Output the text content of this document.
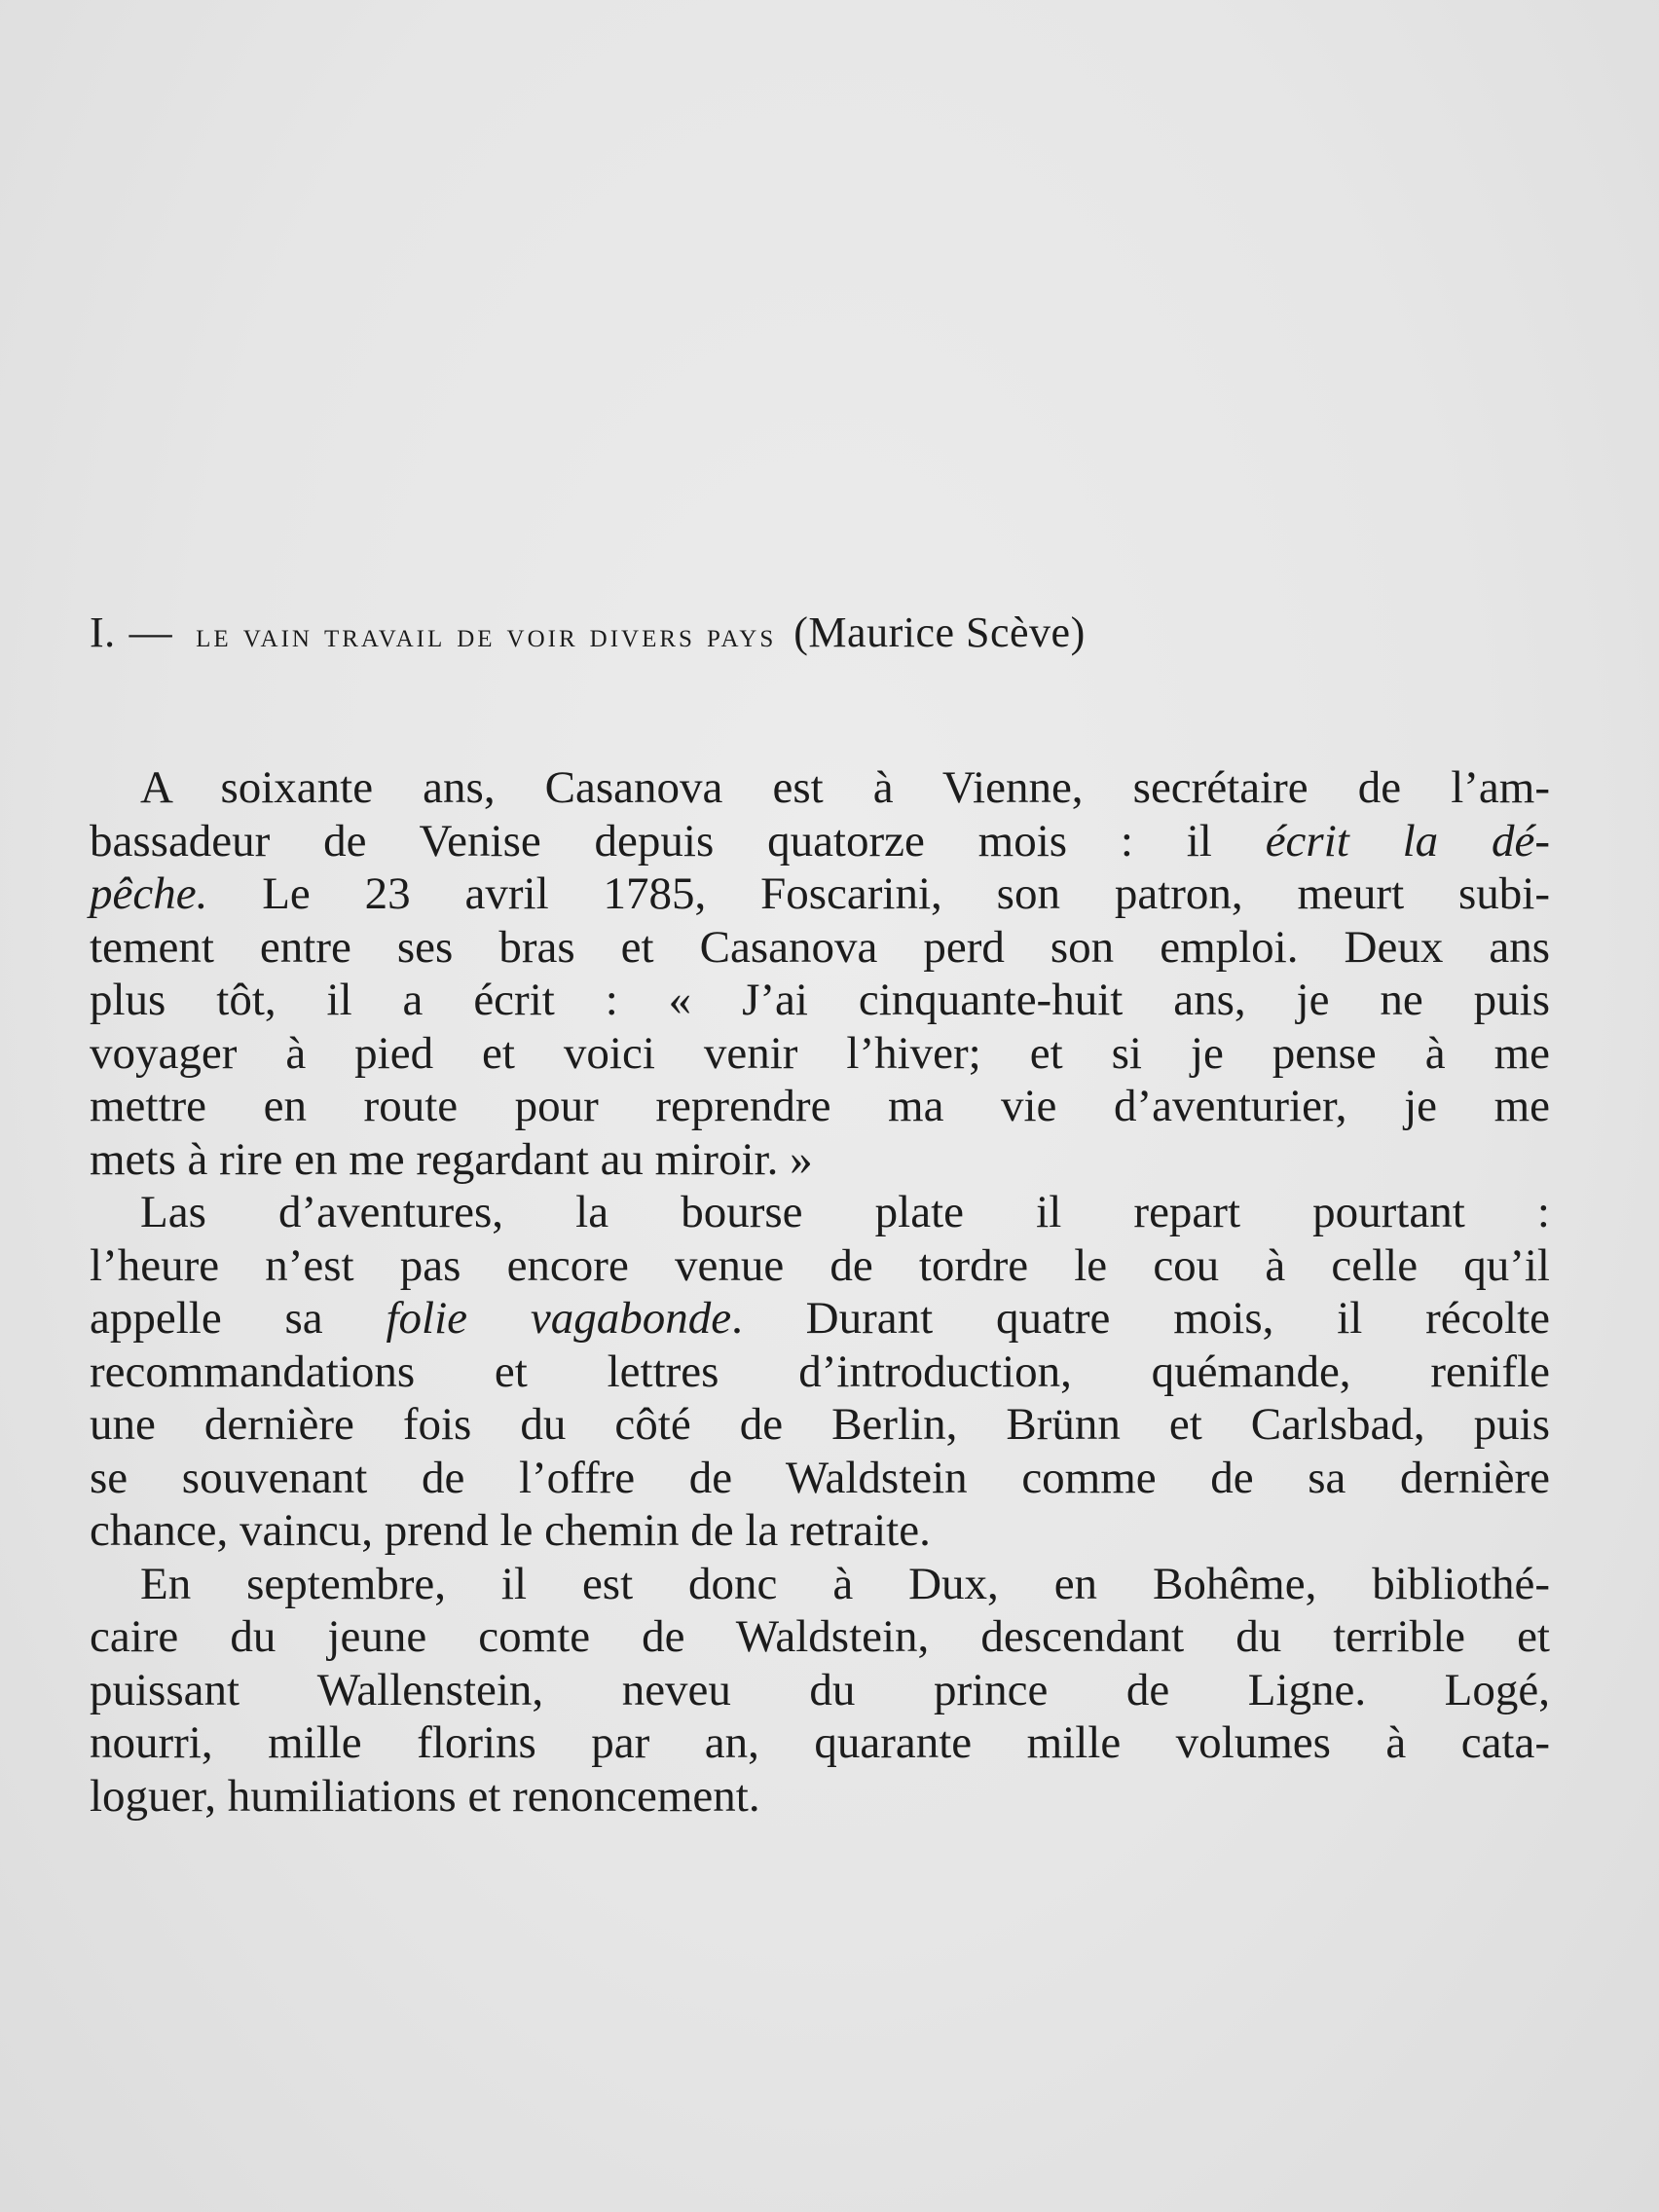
I. — le vain travail de voir divers pays (Maurice Scève)
A soixante ans, Casanova est à Vienne, secrétaire de l’am-
bassadeur de Venise depuis quatorze mois : il écrit la dé-
pêche. Le 23 avril 1785, Foscarini, son patron, meurt subi-
tement entre ses bras et Casanova perd son emploi. Deux ans
plus tôt, il a écrit : « J’ai cinquante-huit ans, je ne puis
voyager à pied et voici venir l’hiver; et si je pense à me
mettre en route pour reprendre ma vie d’aventurier, je me
mets à rire en me regardant au miroir. »
Las d’aventures, la bourse plate il repart pourtant :
l’heure n’est pas encore venue de tordre le cou à celle qu’il
appelle sa folie vagabonde. Durant quatre mois, il récolte
recommandations et lettres d’introduction, quémande, renifle
une dernière fois du côté de Berlin, Brünn et Carlsbad, puis
se souvenant de l’offre de Waldstein comme de sa dernière
chance, vaincu, prend le chemin de la retraite.
En septembre, il est donc à Dux, en Bohême, bibliothé-
caire du jeune comte de Waldstein, descendant du terrible et
puissant Wallenstein, neveu du prince de Ligne. Logé,
nourri, mille florins par an, quarante mille volumes à cata-
loguer, humiliations et renoncement.
